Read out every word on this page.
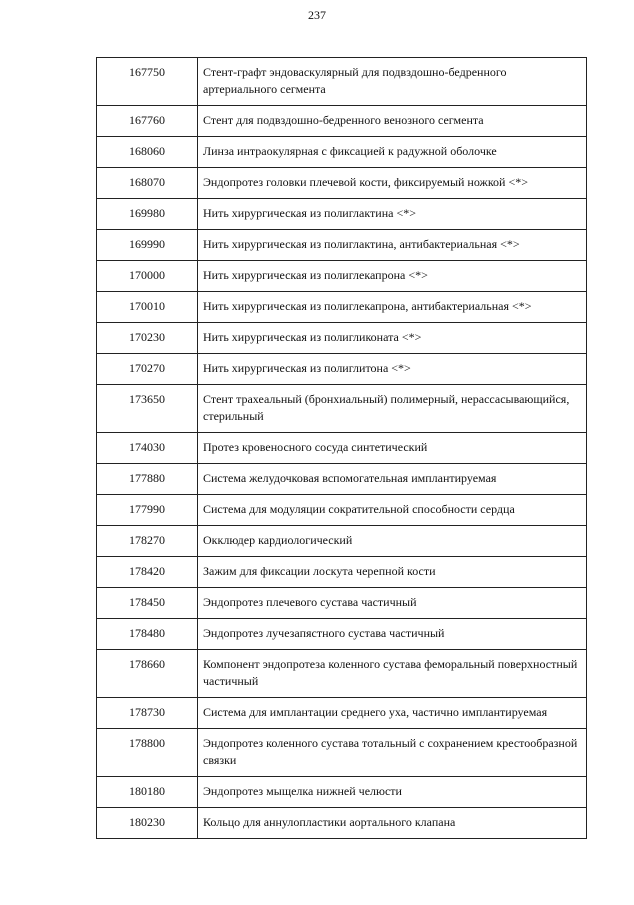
237
167750	Стент-графт эндоваскулярный для подвздошно-бедренного артериального сегмента
167760	Стент для подвздошно-бедренного венозного сегмента
168060	Линза интраокулярная с фиксацией к радужной оболочке
168070	Эндопротез головки плечевой кости, фиксируемый ножкой <*>
169980	Нить хирургическая из полиглактина <*>
169990	Нить хирургическая из полиглактина, антибактериальная <*>
170000	Нить хирургическая из полиглекапрона <*>
170010	Нить хирургическая из полиглекапрона, антибактериальная <*>
170230	Нить хирургическая из полигликоната <*>
170270	Нить хирургическая из полиглитона <*>
173650	Стент трахеальный (бронхиальный) полимерный, нерассасывающийся, стерильный
174030	Протез кровеносного сосуда синтетический
177880	Система желудочковая вспомогательная имплантируемая
177990	Система для модуляции сократительной способности сердца
178270	Окклюдер кардиологический
178420	Зажим для фиксации лоскута черепной кости
178450	Эндопротез плечевого сустава частичный
178480	Эндопротез лучезапястного сустава частичный
178660	Компонент эндопротеза коленного сустава феморальный поверхностный частичный
178730	Система для имплантации среднего уха, частично имплантируемая
178800	Эндопротез коленного сустава тотальный с сохранением крестообразной связки
180180	Эндопротез мыщелка нижней челюсти
180230	Кольцо для аннулопластики аортального клапана
